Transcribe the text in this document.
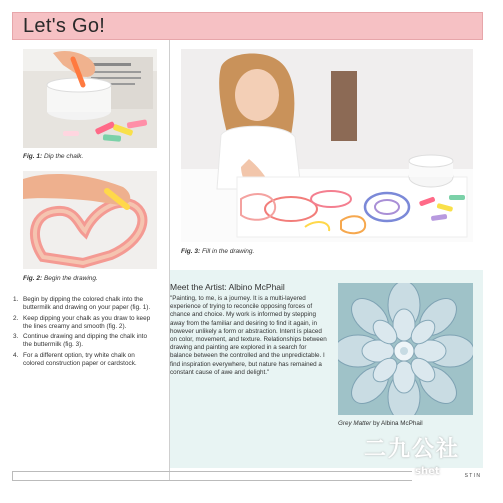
Let's Go!
Fig. 1: Dip the chalk.
Fig. 2: Begin the drawing.
1. Begin by dipping the colored chalk into the buttermilk and drawing on your paper (fig. 1).
2. Keep dipping your chalk as you draw to keep the lines creamy and smooth (fig. 2).
3. Continue drawing and dipping the chalk into the buttermilk (fig. 3).
4. For a different option, try white chalk on colored construction paper or cardstock.
Fig. 3: Fill in the drawing.
Meet the Artist: Albino McPhail
"Painting, to me, is a journey. It is a multi-layered experience of trying to reconcile opposing forces of chance and choice. My work is informed by stepping away from the familiar and desiring to find it again, in however unlikely a form or abstraction. Intent is placed on color, movement, and texture. Relationships between drawing and painting are explored in a search for balance between the controlled and the unpredictable. I find inspiration everywhere, but nature has remained a constant cause of awe and delight."
Grey Matter by Albina McPhail
S T I N
二九公社
shet
